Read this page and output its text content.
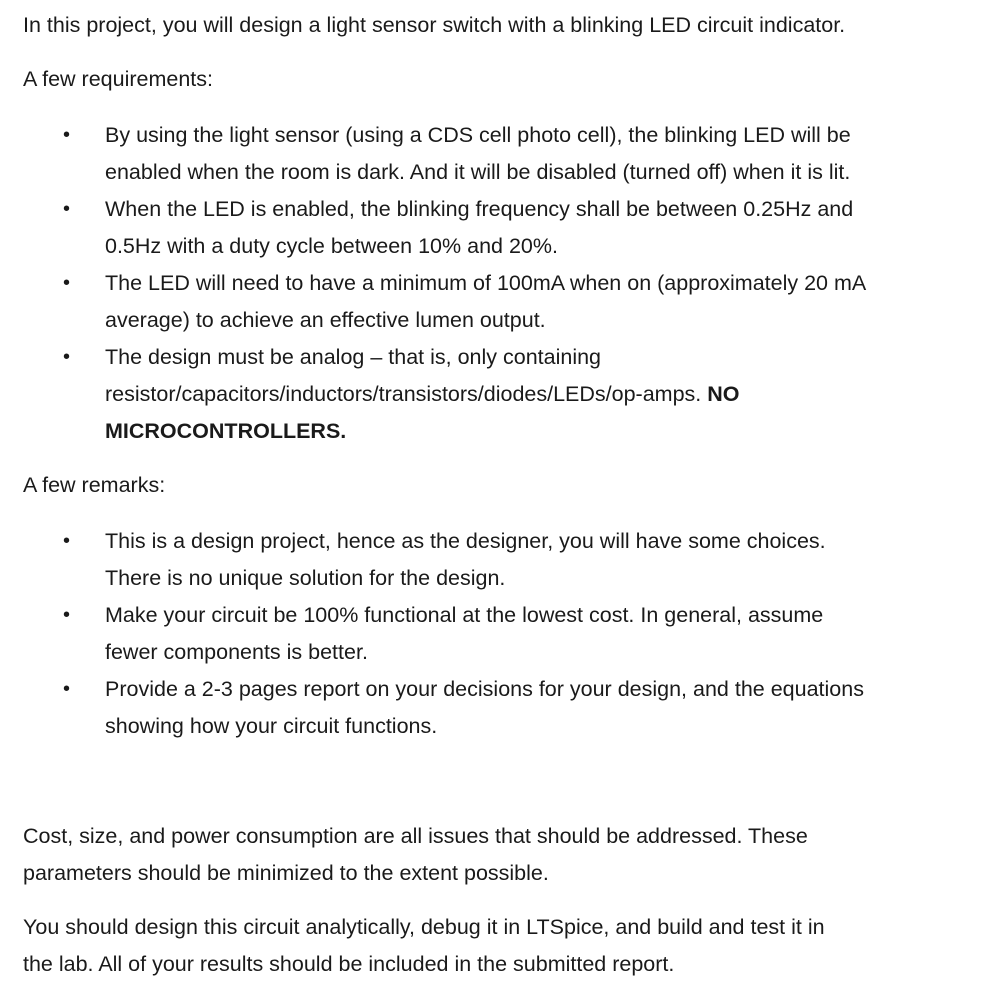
In this project, you will design a light sensor switch with a blinking LED circuit indicator.

A few requirements:

• By using the light sensor (using a CDS cell photo cell), the blinking LED will be
enabled when the room is dark. And it will be disabled (turned off) when it is lit.
• When the LED is enabled, the blinking frequency shall be between 0.25Hz and
0.5Hz with a duty cycle between 10% and 20%.
• The LED will need to have a minimum of 100mA when on (approximately 20 mA
average) to achieve an effective lumen output.
• The design must be analog – that is, only containing
resistor/capacitors/inductors/transistors/diodes/LEDs/op-amps. NO
MICROCONTROLLERS.

A few remarks:

• This is a design project, hence as the designer, you will have some choices.
There is no unique solution for the design.
• Make your circuit be 100% functional at the lowest cost. In general, assume
fewer components is better.
• Provide a 2-3 pages report on your decisions for your design, and the equations
showing how your circuit functions.
Cost, size, and power consumption are all issues that should be addressed. These
parameters should be minimized to the extent possible.
You should design this circuit analytically, debug it in LTSpice, and build and test it in
the lab. All of your results should be included in the submitted report.
